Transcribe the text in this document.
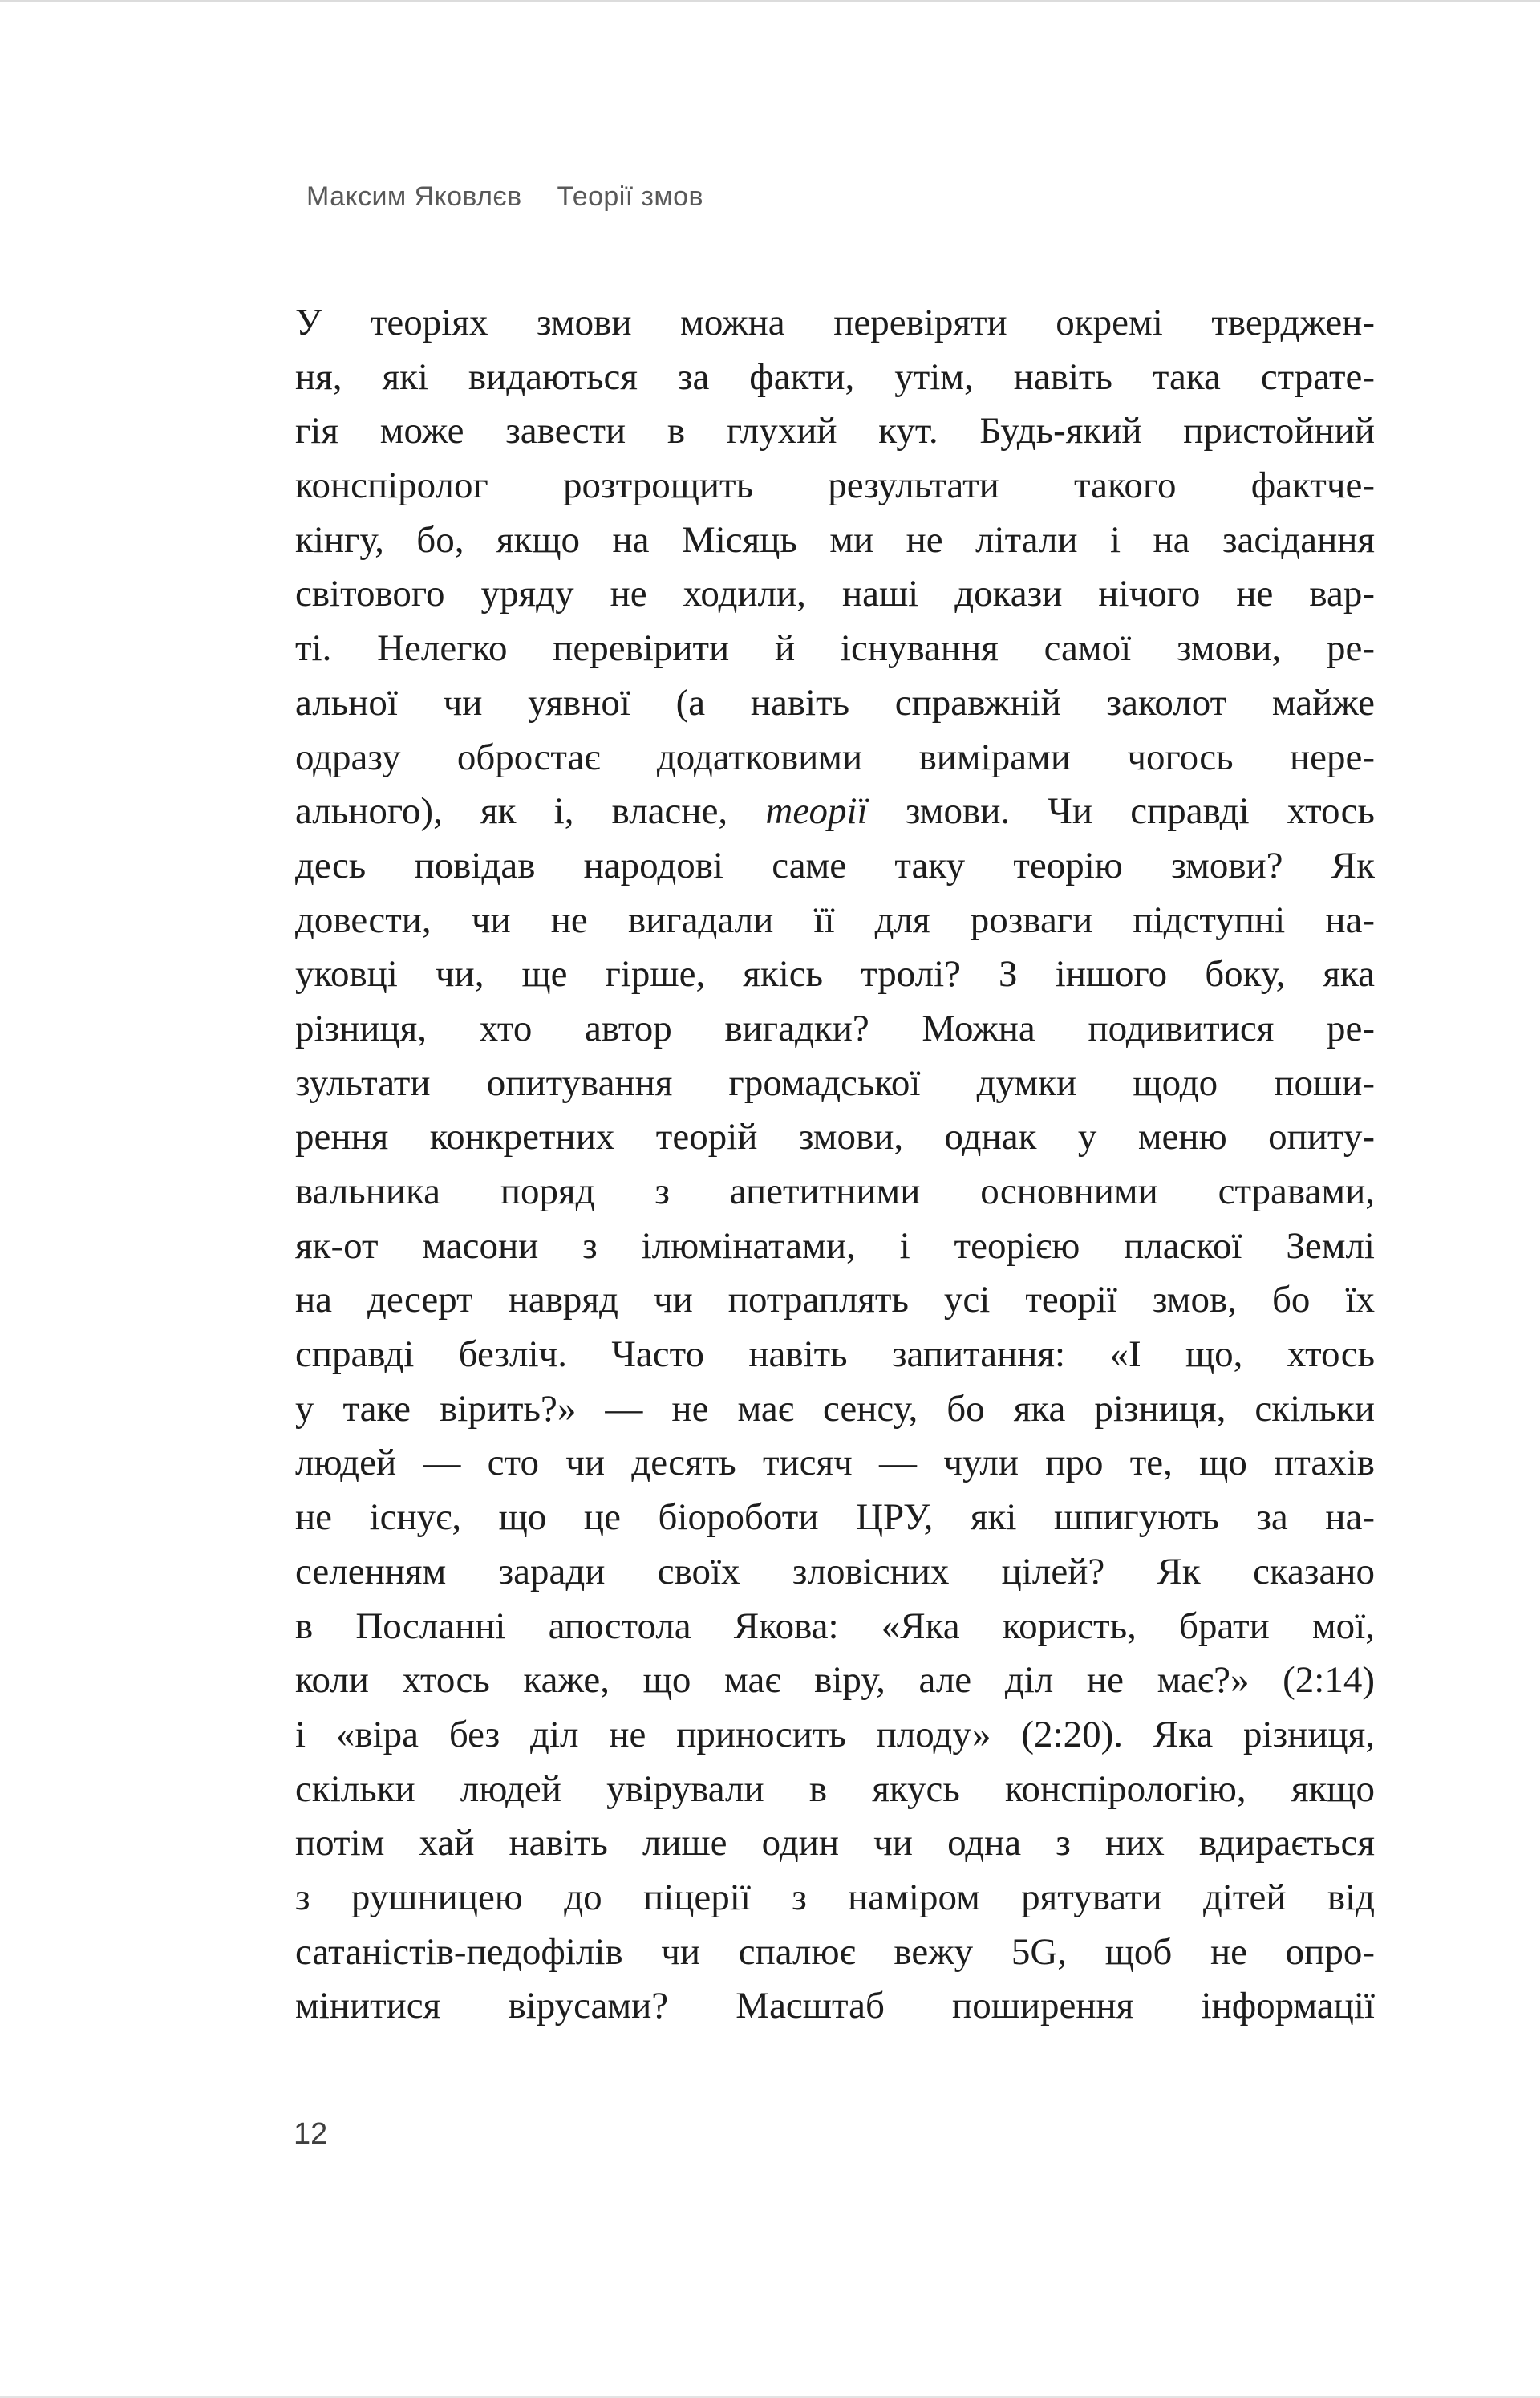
Максим Яковлєв Теорії змов
У теоріях змови можна перевіряти окремі тверджен-
ня, які видаються за факти, утім, навіть така страте-
гія може завести в глухий кут. Будь-який пристойний
конспіролог розтрощить результати такого фактче-
кінгу, бо, якщо на Місяць ми не літали і на засідання
світового уряду не ходили, наші докази нічого не вар-
ті. Нелегко перевірити й існування самої змови, ре-
альної чи уявної (а навіть справжній заколот майже
одразу обростає додатковими вимірами чогось нере-
ального), як і, власне, теорії змови. Чи справді хтось
десь повідав народові саме таку теорію змови? Як
довести, чи не вигадали її для розваги підступні на-
уковці чи, ще гірше, якісь тролі? З іншого боку, яка
різниця, хто автор вигадки? Можна подивитися ре-
зультати опитування громадської думки щодо поши-
рення конкретних теорій змови, однак у меню опиту-
вальника поряд з апетитними основними стравами,
як-от масони з ілюмінатами, і теорією пласкої Землі
на десерт навряд чи потраплять усі теорії змов, бо їх
справді безліч. Часто навіть запитання: «І що, хтось
у таке вірить?» — не має сенсу, бо яка різниця, скільки
людей — сто чи десять тисяч — чули про те, що птахів
не існує, що це біороботи ЦРУ, які шпигують за на-
селенням заради своїх зловісних цілей? Як сказано
в Посланні апостола Якова: «Яка користь, брати мої,
коли хтось каже, що має віру, але діл не має?» (2:14)
і «віра без діл не приносить плоду» (2:20). Яка різниця,
скільки людей увірували в якусь конспірологію, якщо
потім хай навіть лише один чи одна з них вдирається
з рушницею до піцерії з наміром рятувати дітей від
сатаністів-педофілів чи спалює вежу 5G, щоб не опро-
мінитися вірусами? Масштаб поширення інформації
12
